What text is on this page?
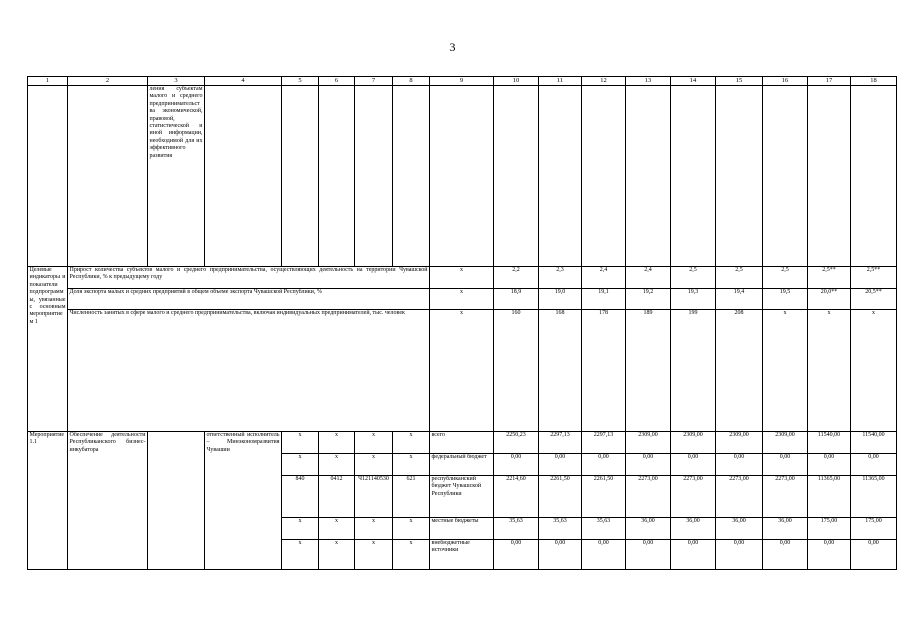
3
1	2	3	4	5	6	7	8	9	10	11	12	13	14	15	16	17	18
		ления субъектам малого и среднего предпринимательства экономической, правовой, статистической и иной информации, необходимой для их эффективного развития															
Целевые индикаторы и показатели подпрограммы, увязанные с основным мероприятием 1	Прирост количества субъектов малого и среднего предпринимательства, осуществляющих деятельность на территории Чувашской Республики, % к предыдущему году							x	2,2	2,3	2,4	2,4	2,5	2,5	2,5	2,5**	2,5**
	Доля экспорта малых и средних предприятий в общем объеме экспорта Чувашской Республики, %							x	18,9	19,0	19,1	19,2	19,3	19,4	19,5	20,0**	20,5**
	Численность занятых в сфере малого и среднего предпринимательства, включая индивидуальных предпринимателей, тыс. человек							x	160	168	178	189	199	208	x	x	x
Мероприятие 1.1	Обеспечение деятельности Республиканского бизнес-инкубатора		ответственный исполнитель – Минэкономразвития Чувашии	x	x	x	x	всего	2250,23	2297,13	2297,13	2309,00	2309,00	2309,00	2309,00	11540,00	11540,00
				x	x	x	x	федеральный бюджет	0,00	0,00	0,00	0,00	0,00	0,00	0,00	0,00	0,00
				840	0412	Ч121140530	621	республиканский бюджет Чувашской Республики	2214,60	2261,50	2261,50	2273,00	2273,00	2273,00	2273,00	11365,00	11365,00
				x	x	x	x	местные бюджеты	35,63	35,63	35,63	36,00	36,00	36,00	36,00	175,00	175,00
				x	x	x	x	внебюджетные источники	0,00	0,00	0,00	0,00	0,00	0,00	0,00	0,00	0,00
